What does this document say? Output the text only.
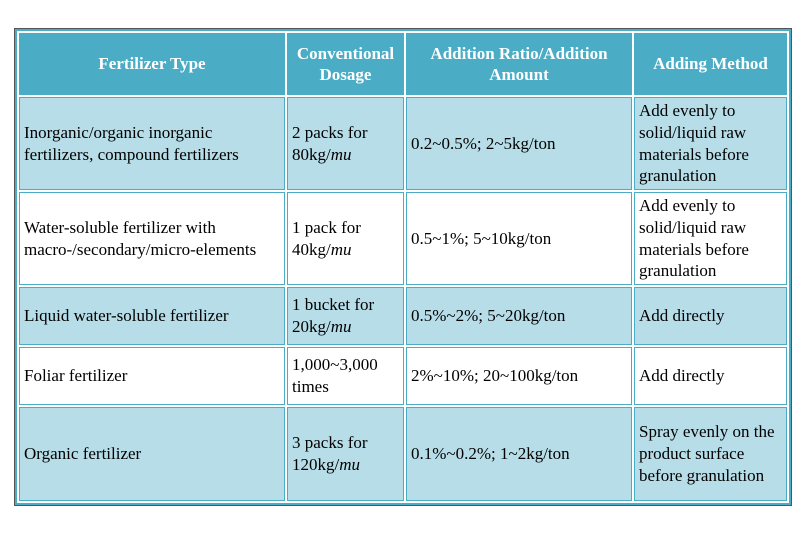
Fertilizer Type	Conventional Dosage	Addition Ratio/Addition Amount	Adding Method
Inorganic/organic inorganic fertilizers, compound fertilizers	2 packs for 80kg/mu	0.2~0.5%; 2~5kg/ton	Add evenly to solid/liquid raw materials before granulation
Water-soluble fertilizer with macro-/secondary/micro-elements	1 pack for 40kg/mu	0.5~1%; 5~10kg/ton	Add evenly to solid/liquid raw materials before granulation
Liquid water-soluble fertilizer	1 bucket for 20kg/mu	0.5%~2%; 5~20kg/ton	Add directly
Foliar fertilizer	1,000~3,000 times	2%~10%; 20~100kg/ton	Add directly
Organic fertilizer	3 packs for 120kg/mu	0.1%~0.2%; 1~2kg/ton	Spray evenly on the product surface before granulation
